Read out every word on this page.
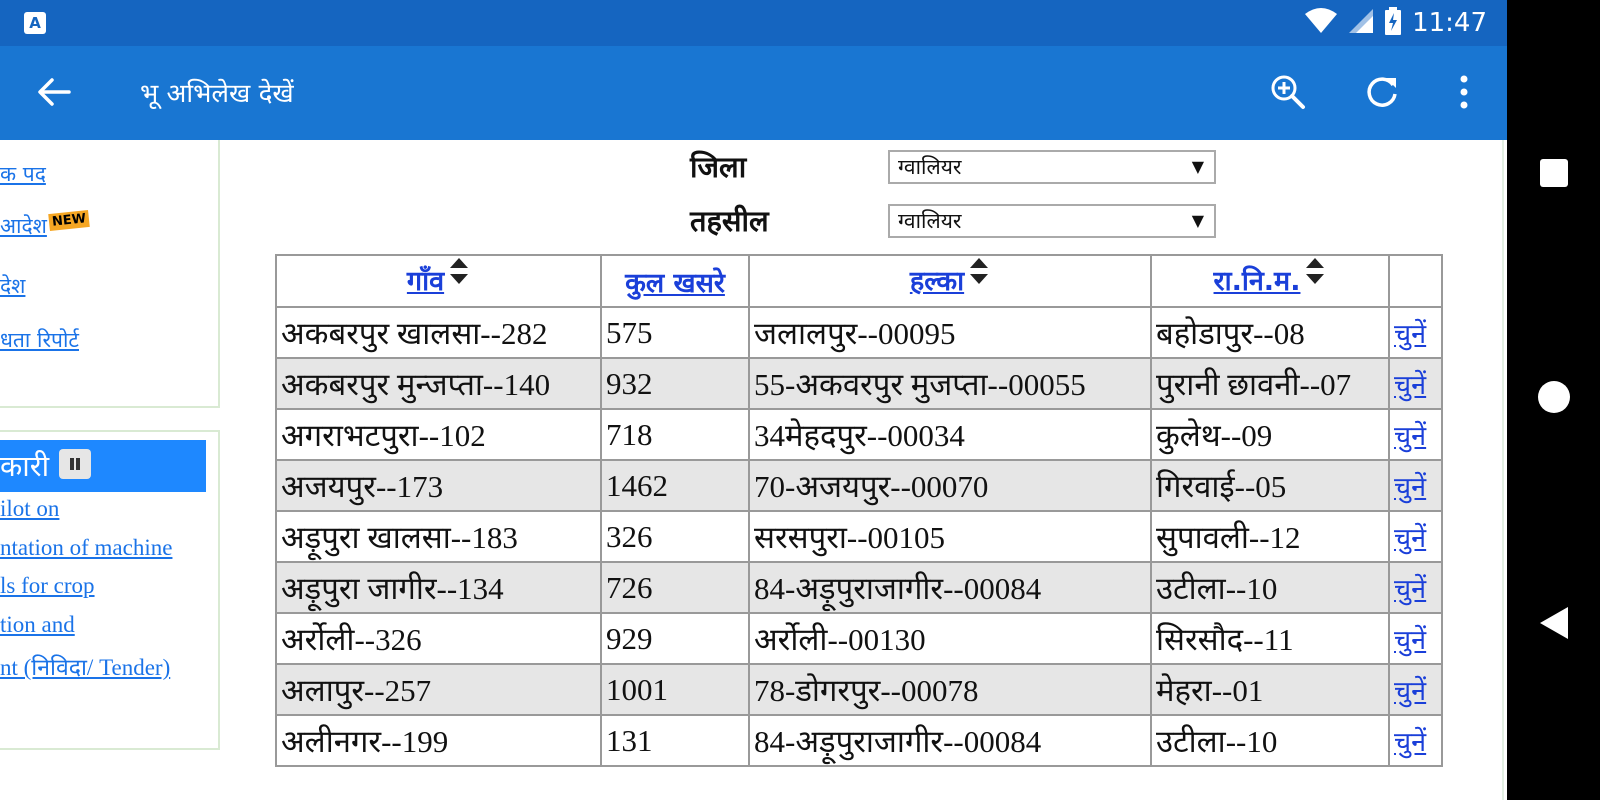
A	11:47
भू अभिलेख देखें
क पद
आदेश NEW
देश
धता रिपोर्ट
कारी
ilot on
ntation of machine
ls for crop
tion and
nt (निविदा/ Tender)
जिला	ग्वालियर	▼
तहसील	ग्वालियर	▼
गाँव	कुल खसरे	हल्का	रा.नि.म.	
अकबरपुर खालसा--282	575	जलालपुर--00095	बहोडापुर--08	चुनें
अकबरपुर मुन्जप्ता--140	932	55-अकवरपुर मुजप्ता--00055	पुरानी छावनी--07	चुनें
अगराभटपुरा--102	718	34मेहदपुर--00034	कुलेथ--09	चुनें
अजयपुर--173	1462	70-अजयपुर--00070	गिरवाई--05	चुनें
अड़ूपुरा खालसा--183	326	सरसपुरा--00105	सुपावली--12	चुनें
अड़ूपुरा जागीर--134	726	84-अड़ूपुराजागीर--00084	उटीला--10	चुनें
अर्रोली--326	929	अर्रोली--00130	सिरसौद--11	चुनें
अलापुर--257	1001	78-डोगरपुर--00078	मेहरा--01	चुनें
अलीनगर--199	131	84-अड़ूपुराजागीर--00084	उटीला--10	चुनें
